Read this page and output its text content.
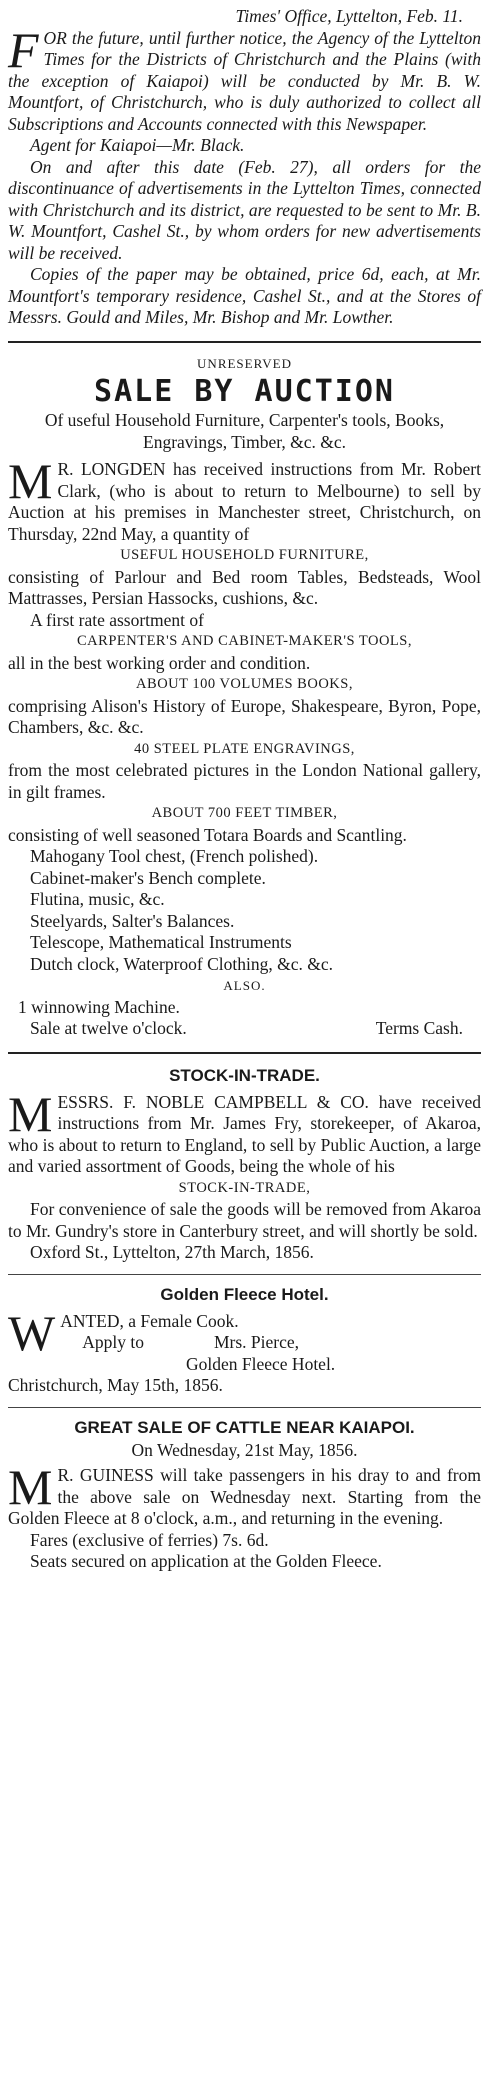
Times' Office, Lyttelton, Feb. 11.

FOR the future, until further notice, the Agency of the Lyttelton Times for the Districts of Christchurch and the Plains (with the exception of Kaiapoi) will be conducted by Mr. B. W. Mountfort, of Christchurch, who is duly authorized to collect all Subscriptions and Accounts connected with this Newspaper.

Agent for Kaiapoi—Mr. Black.

On and after this date (Feb. 27), all orders for the discontinuance of advertisements in the Lyttelton Times, connected with Christchurch and its district, are requested to be sent to Mr. B. W. Mountfort, Cashel St., by whom orders for new advertisements will be received.

Copies of the paper may be obtained, price 6d, each, at Mr. Mountfort's temporary residence, Cashel St., and at the Stores of Messrs. Gould and Miles, Mr. Bishop and Mr. Lowther.

UNRESERVED

SALE BY AUCTION

Of useful Household Furniture, Carpenter's tools, Books, Engravings, Timber, &c. &c.

M R. LONGDEN has received instructions from Mr. Robert Clark, (who is about to return to Melbourne) to sell by Auction at his premises in Manchester street, Christchurch, on Thursday, 22nd May, a quantity of

USEFUL HOUSEHOLD FURNITURE,

consisting of Parlour and Bed room Tables, Bedsteads, Wool Mattrasses, Persian Hassocks, cushions, &c.

A first rate assortment of

CARPENTER'S AND CABINET-MAKER'S TOOLS,

all in the best working order and condition.

ABOUT 100 VOLUMES BOOKS,

comprising Alison's History of Europe, Shakespeare, Byron, Pope, Chambers, &c. &c.

40 STEEL PLATE ENGRAVINGS,

from the most celebrated pictures in the London National gallery, in gilt frames.

ABOUT 700 FEET TIMBER,

consisting of well seasoned Totara Boards and Scantling.

Mahogany Tool chest, (French polished).

Cabinet-maker's Bench complete.

Flutina, music, &c.

Steelyards, Salter's Balances.

Telescope, Mathematical Instruments

Dutch clock, Waterproof Clothing, &c. &c.

ALSO.

1 winnowing Machine.

Sale at twelve o'clock.	Terms Cash.

STOCK-IN-TRADE.

MESSRS. F. NOBLE CAMPBELL & CO. have received instructions from Mr. James Fry, storekeeper, of Akaroa, who is about to return to England, to sell by Public Auction, a large and varied assortment of Goods, being the whole of his

STOCK-IN-TRADE,

For convenience of sale the goods will be removed from Akaroa to Mr. Gundry's store in Canterbury street, and will shortly be sold.

Oxford St., Lyttelton, 27th March, 1856.

Golden Fleece Hotel.

WANTED, a Female Cook.

Apply to	Mrs. Pierce,

Golden Fleece Hotel.

Christchurch, May 15th, 1856.

GREAT SALE OF CATTLE NEAR KAIAPOI.

On Wednesday, 21st May, 1856.

M R. GUINESS will take passengers in his dray to and from the above sale on Wednesday next. Starting from the Golden Fleece at 8 o'clock, a.m., and returning in the evening.

Fares (exclusive of ferries) 7s. 6d.

Seats secured on application at the Golden Fleece.
